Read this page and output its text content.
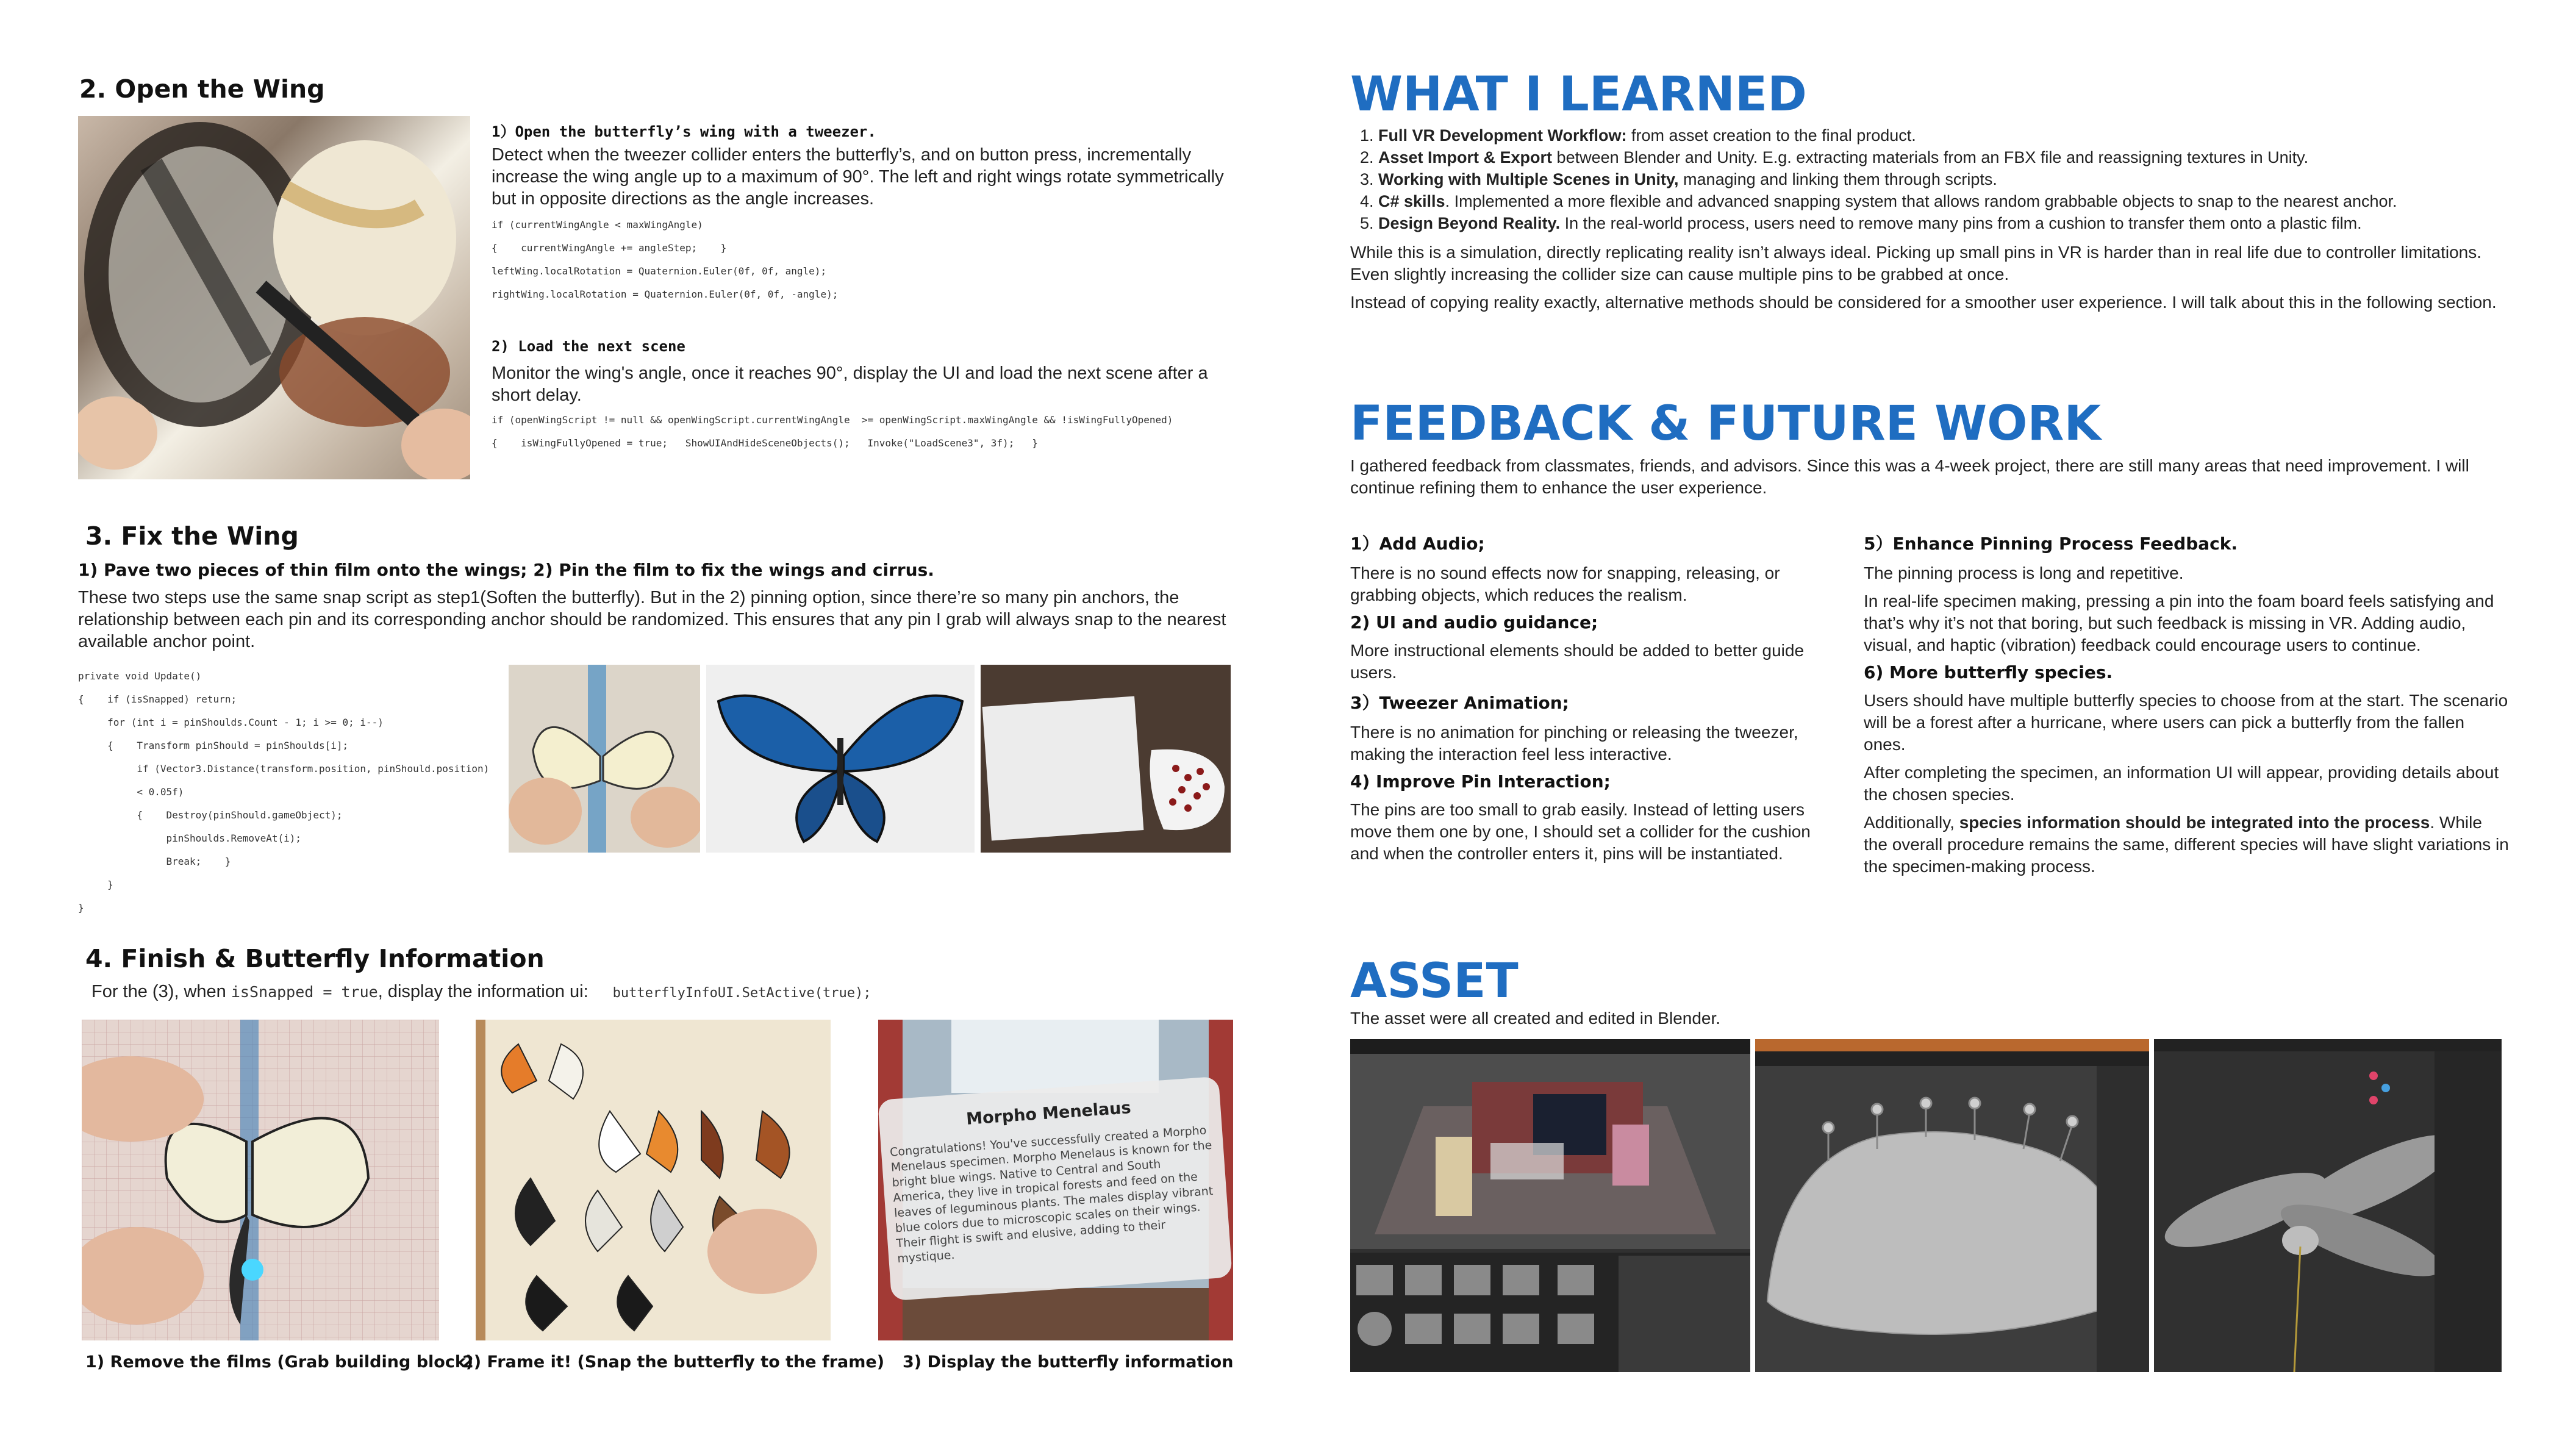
2. Open the Wing

1）Open the butterfly’s wing with a tweezer.

Detect when the tweezer collider enters the butterfly’s, and on button press, incrementally increase the wing angle up to a maximum of 90°. The left and right wings rotate symmetrically but in opposite directions as the angle increases.

if (currentWingAngle < maxWingAngle)

{    currentWingAngle += angleStep;    }

leftWing.localRotation = Quaternion.Euler(0f, 0f, angle);

rightWing.localRotation = Quaternion.Euler(0f, 0f, -angle);

2) Load the next scene

Monitor the wing's angle, once it reaches 90°, display the UI and load the next scene after a short delay.

if (openWingScript != null && openWingScript.currentWingAngle  >= openWingScript.maxWingAngle && !isWingFullyOpened)

{    isWingFullyOpened = true;   ShowUIAndHideSceneObjects();   Invoke("LoadScene3", 3f);   }

3. Fix the Wing

1) Pave two pieces of thin film onto the wings; 2) Pin the film to fix the wings and cirrus.

These two steps use the same snap script as step1(Soften the butterfly). But in the 2) pinning option, since there’re so many pin anchors, the relationship between each pin and its corresponding anchor should be randomized. This ensures that any pin I grab will always snap to the nearest available anchor point.

private void Update()

{    if (isSnapped) return;

for (int i = pinShoulds.Count - 1; i >= 0; i--)

{    Transform pinShould = pinShoulds[i];

if (Vector3.Distance(transform.position, pinShould.position)

< 0.05f)

{    Destroy(pinShould.gameObject);

pinShoulds.RemoveAt(i);

Break;    }

}

}

4. Finish & Butterfly Information
For the (3), when isSnapped = true, display the information ui: butterflyInfoUI.SetActive(true);

Morpho Menelaus

Congratulations! You've successfully created a Morpho Menelaus specimen. Morpho Menelaus is known for the bright blue wings. Native to Central and South America, they live in tropical forests and feed on the leaves of leguminous plants. The males display vibrant blue colors due to microscopic scales on their wings. Their flight is swift and elusive, adding to their mystique.

1) Remove the films (Grab building block)

2) Frame it! (Snap the butterfly to the frame) 3) Display the butterfly information

WHAT I LEARNED
1. Full VR Development Workflow: from asset creation to the final product.
2. Asset Import & Export between Blender and Unity. E.g. extracting materials from an FBX file and reassigning textures in Unity.
3. Working with Multiple Scenes in Unity, managing and linking them through scripts.
4. C# skills. Implemented a more flexible and advanced snapping system that allows random grabbable objects to snap to the nearest anchor.
5. Design Beyond Reality. In the real-world process, users need to remove many pins from a cushion to transfer them onto a plastic film.

While this is a simulation, directly replicating reality isn’t always ideal. Picking up small pins in VR is harder than in real life due to controller limitations. Even slightly increasing the collider size can cause multiple pins to be grabbed at once.

Instead of copying reality exactly, alternative methods should be considered for a smoother user experience. I will talk about this in the following section.

FEEDBACK & FUTURE WORK

I gathered feedback from classmates, friends, and advisors. Since this was a 4-week project, there are still many areas that need improvement. I will continue refining them to enhance the user experience.

1）Add Audio;

There is no sound effects now for snapping, releasing, or grabbing objects, which reduces the realism.

2) UI and audio guidance;

More instructional elements should be added to better guide users.

3）Tweezer Animation;

There is no animation for pinching or releasing the tweezer, making the interaction feel less interactive.

4) Improve Pin Interaction;

The pins are too small to grab easily. Instead of letting users move them one by one, I should set a collider for the cushion and when the controller enters it, pins will be instantiated.

5）Enhance Pinning Process Feedback.

The pinning process is long and repetitive.

In real-life specimen making, pressing a pin into the foam board feels satisfying and that’s why it’s not that boring, but such feedback is missing in VR. Adding audio, visual, and haptic (vibration) feedback could encourage users to continue.

6) More butterfly species.

Users should have multiple butterfly species to choose from at the start. The scenario will be a forest after a hurricane, where users can pick a butterfly from the fallen ones.

After completing the specimen, an information UI will appear, providing details about the chosen species.

Additionally, species information should be integrated into the process. While the overall procedure remains the same, different species will have slight variations in the specimen-making process.

ASSET

The asset were all created and edited in Blender.
